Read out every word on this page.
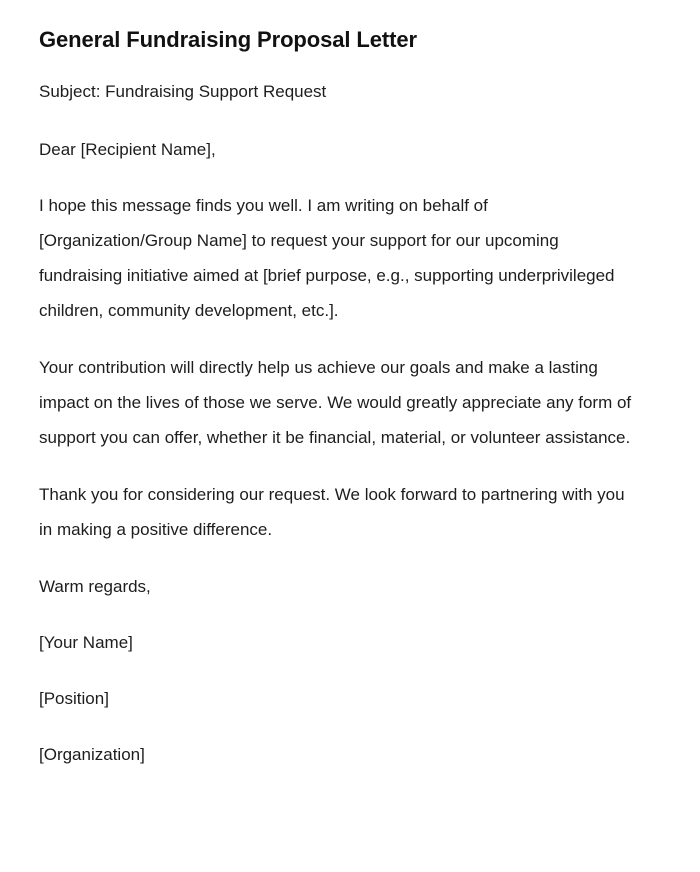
General Fundraising Proposal Letter

Subject: Fundraising Support Request

Dear [Recipient Name],

I hope this message finds you well. I am writing on behalf of [Organization/Group Name] to request your support for our upcoming fundraising initiative aimed at [brief purpose, e.g., supporting underprivileged children, community development, etc.].

Your contribution will directly help us achieve our goals and make a lasting impact on the lives of those we serve. We would greatly appreciate any form of support you can offer, whether it be financial, material, or volunteer assistance.

Thank you for considering our request. We look forward to partnering with you in making a positive difference.

Warm regards,

[Your Name]

[Position]

[Organization]
